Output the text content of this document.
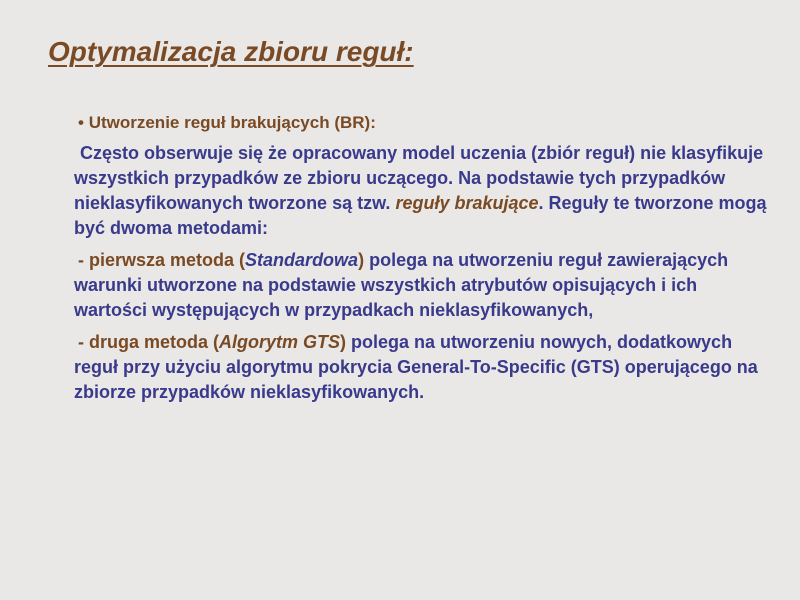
Optymalizacja zbioru reguł:
• Utworzenie reguł brakujących (BR):

Często obserwuje się że opracowany model uczenia (zbiór reguł) nie klasyfikuje wszystkich przypadków ze zbioru uczącego. Na podstawie tych przypadków nieklasyfikowanych tworzone są tzw. reguły brakujące. Reguły te tworzone mogą być dwoma metodami:

- pierwsza metoda (Standardowa) polega na utworzeniu reguł zawierających warunki utworzone na podstawie wszystkich atrybutów opisujących i ich wartości występujących w przypadkach nieklasyfikowanych,

- druga metoda (Algorytm GTS) polega na utworzeniu nowych, dodatkowych reguł przy użyciu algorytmu pokrycia General-To-Specific (GTS) operującego na zbiorze przypadków nieklasyfikowanych.
